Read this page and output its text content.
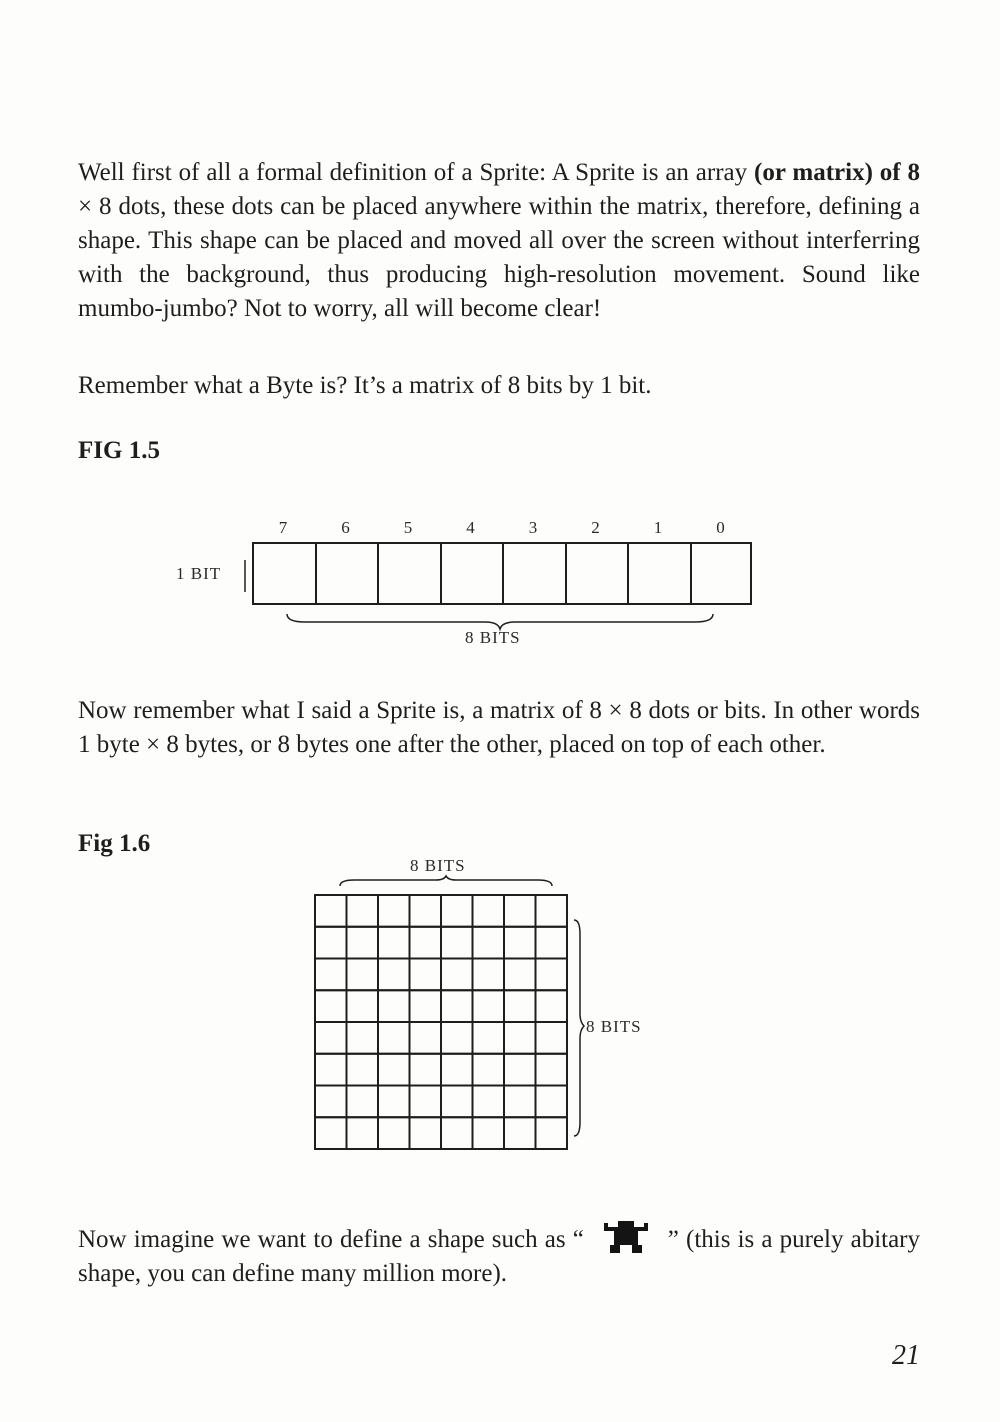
Well first of all a formal definition of a Sprite: A Sprite is an array (or matrix) of 8 × 8 dots, these dots can be placed anywhere within the matrix, therefore, defining a shape. This shape can be placed and moved all over the screen without interferring with the background, thus producing high-resolution movement. Sound like mumbo-jumbo? Not to worry, all will become clear!

Remember what a Byte is? It’s a matrix of 8 bits by 1 bit.

FIG 1.5

7	6	5	4	3	2	1	0
1 BIT
8 BITS

Now remember what I said a Sprite is, a matrix of 8 × 8 dots or bits. In other words 1 byte × 8 bytes, or 8 bytes one after the other, placed on top of each other.

Fig 1.6

8 BITS
8 BITS

Now imagine we want to define a shape such as “	” (this is a purely abitary shape, you can define many million more).

21
